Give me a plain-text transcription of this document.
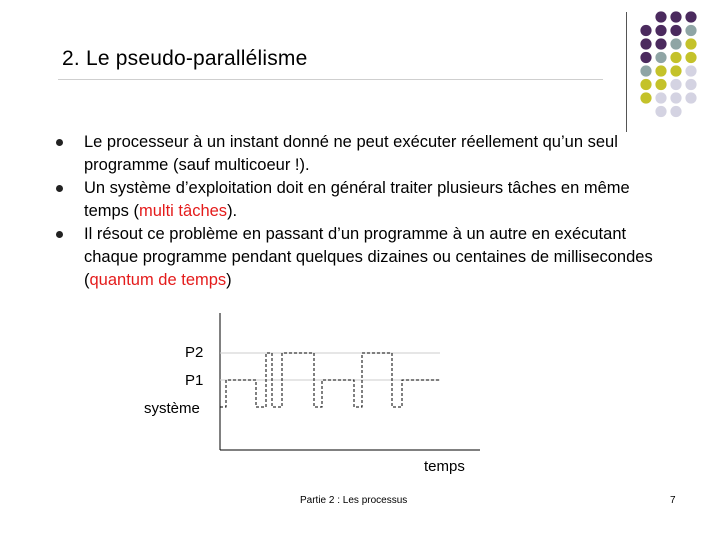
2. Le pseudo-parallélisme
Le processeur à un instant donné ne peut exécuter réellement qu’un seul programme (sauf multicoeur !).
Un système d’exploitation doit en général traiter plusieurs tâches en même temps (multi tâches).
Il résout ce problème en passant d’un programme à un autre en exécutant chaque programme pendant quelques dizaines ou centaines de millisecondes (quantum de temps)
P2
P1
système
temps
Partie 2 : Les processus	7
